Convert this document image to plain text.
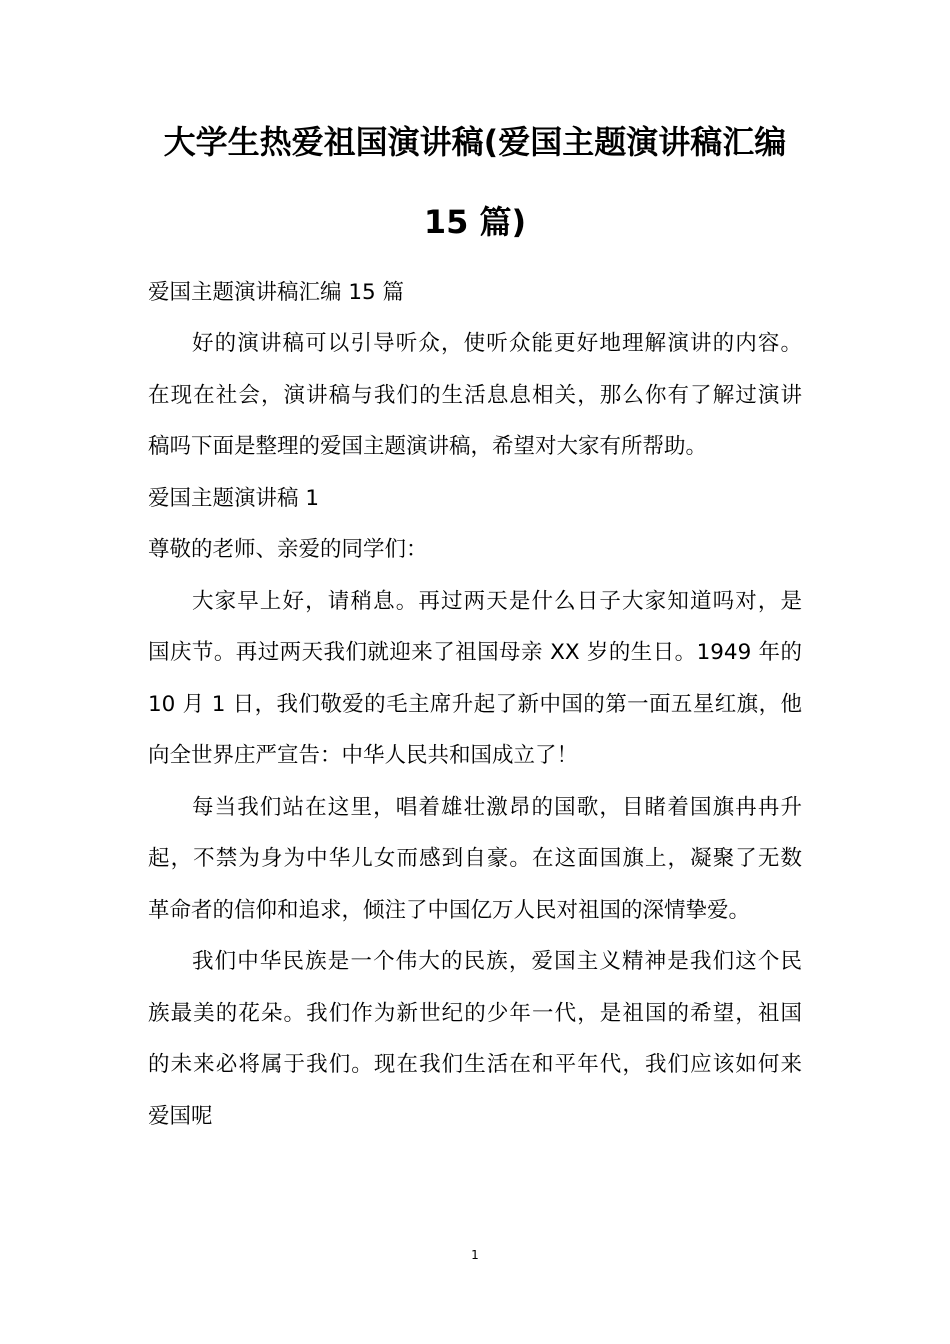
大学生热爱祖国演讲稿(爱国主题演讲稿汇编
15 篇)

爱国主题演讲稿汇编 15 篇

好的演讲稿可以引导听众，使听众能更好地理解演讲的内容。

在现在社会，演讲稿与我们的生活息息相关，那么你有了解过演讲

稿吗下面是整理的爱国主题演讲稿，希望对大家有所帮助。

爱国主题演讲稿 1

尊敬的老师、亲爱的同学们：

大家早上好，请稍息。再过两天是什么日子大家知道吗对，是

国庆节。再过两天我们就迎来了祖国母亲 XX 岁的生日。1949 年的

10 月 1 日，我们敬爱的毛主席升起了新中国的第一面五星红旗，他

向全世界庄严宣告：中华人民共和国成立了！

每当我们站在这里，唱着雄壮激昂的国歌，目睹着国旗冉冉升

起，不禁为身为中华儿女而感到自豪。在这面国旗上，凝聚了无数

革命者的信仰和追求，倾注了中国亿万人民对祖国的深情挚爱。

我们中华民族是一个伟大的民族，爱国主义精神是我们这个民

族最美的花朵。我们作为新世纪的少年一代，是祖国的希望，祖国

的未来必将属于我们。现在我们生活在和平年代，我们应该如何来

爱国呢

1
